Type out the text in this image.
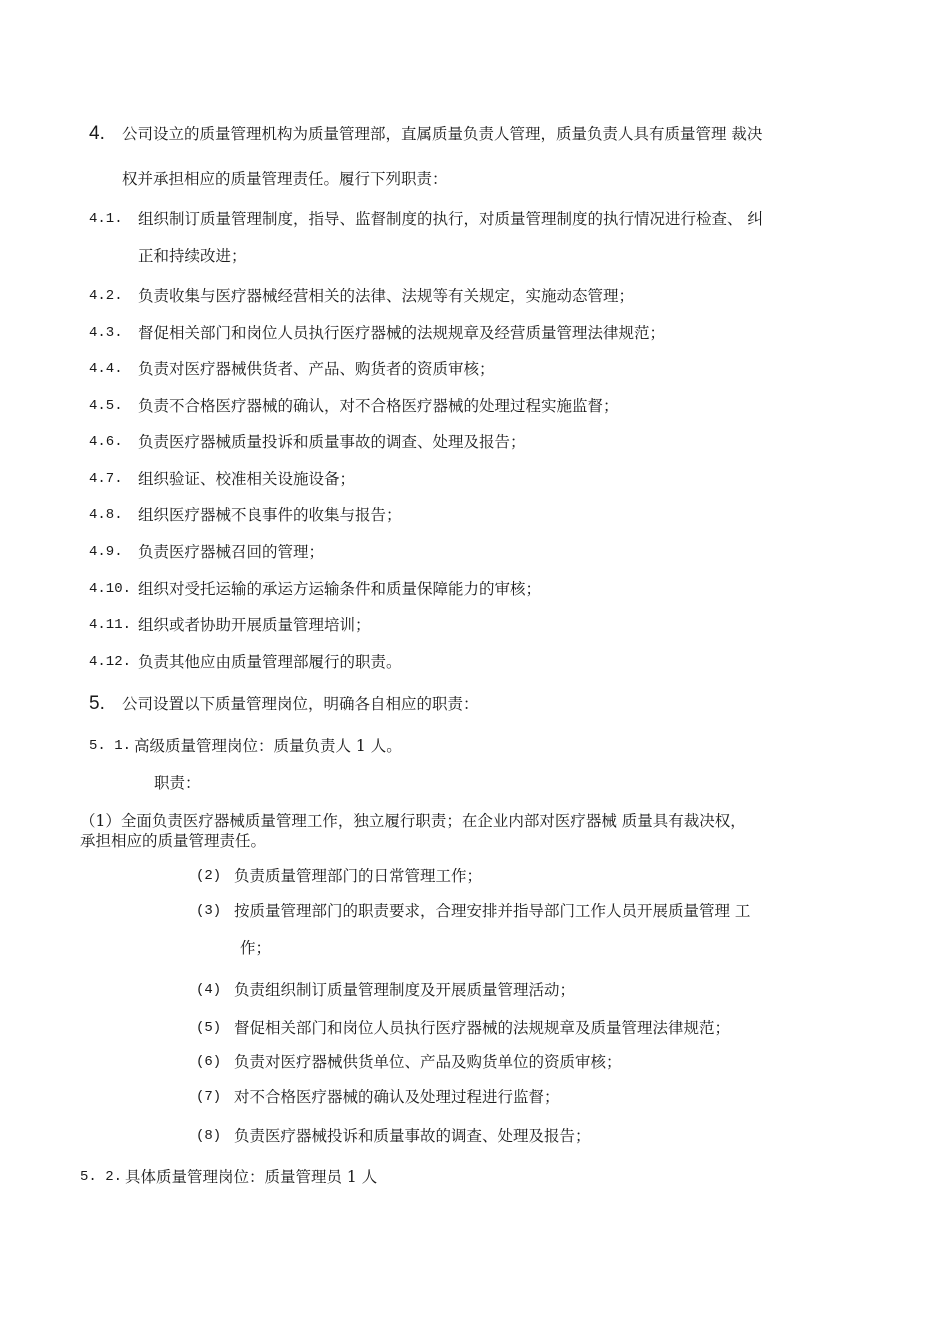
4. 公司设立的质量管理机构为质量管理部，直属质量负责人管理，质量负责人具有质量管理 裁决
权并承担相应的质量管理责任。履行下列职责：
4.1. 组织制订质量管理制度，指导、监督制度的执行，对质量管理制度的执行情况进行检查、 纠
正和持续改进；
4.2. 负责收集与医疗器械经营相关的法律、法规等有关规定，实施动态管理；
4.3. 督促相关部门和岗位人员执行医疗器械的法规规章及经营质量管理法律规范；
4.4. 负责对医疗器械供货者、产品、购货者的资质审核；
4.5. 负责不合格医疗器械的确认，对不合格医疗器械的处理过程实施监督；
4.6. 负责医疗器械质量投诉和质量事故的调查、处理及报告；
4.7. 组织验证、校准相关设施设备；
4.8. 组织医疗器械不良事件的收集与报告；
4.9. 负责医疗器械召回的管理；
4.10. 组织对受托运输的承运方运输条件和质量保障能力的审核；
4.11. 组织或者协助开展质量管理培训；
4.12. 负责其他应由质量管理部履行的职责。
5. 公司设置以下质量管理岗位，明确各自相应的职责：
5. 1. 高级质量管理岗位：质量负责人 1 人。
职责：
（1）全面负责医疗器械质量管理工作，独立履行职责；在企业内部对医疗器械 质量具有裁决权，
承担相应的质量管理责任。
(2) 负责质量管理部门的日常管理工作；
(3) 按质量管理部门的职责要求，合理安排并指导部门工作人员开展质量管理 工
作；
(4) 负责组织制订质量管理制度及开展质量管理活动；
(5) 督促相关部门和岗位人员执行医疗器械的法规规章及质量管理法律规范；
(6) 负责对医疗器械供货单位、产品及购货单位的资质审核；
(7) 对不合格医疗器械的确认及处理过程进行监督；
(8) 负责医疗器械投诉和质量事故的调查、处理及报告；
5. 2. 具体质量管理岗位：质量管理员 1 人
